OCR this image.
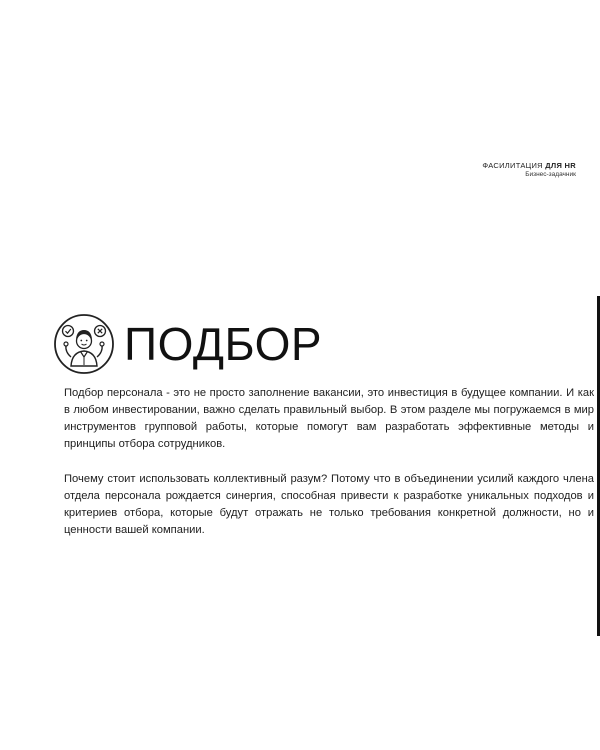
ФАСИЛИТАЦИЯ ДЛЯ HR
Бизнес-задачник
ПОДБОР

Подбор персонала - это не просто заполнение вакансии, это инвестиция в будущее компании. И как в любом инвестировании, важно сделать правильный выбор. В этом разделе мы погружаемся в мир инструментов групповой работы, которые помогут вам разработать эффективные методы и принципы отбора сотрудников.

Почему стоит использовать коллективный разум? Потому что в объединении усилий каждого члена отдела персонала рождается синергия, способная привести к разработке уникальных подходов и критериев отбора, которые будут отражать не только требования конкретной должности, но и ценности вашей компании.
